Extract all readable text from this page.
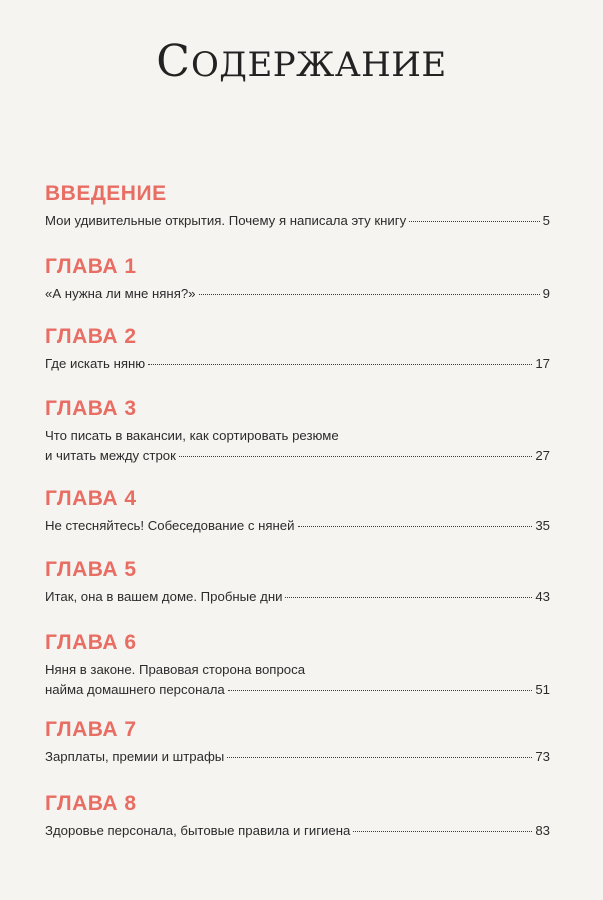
СОДЕРЖАНИЕ
ВВЕДЕНИЕ
Мои удивительные открытия. Почему я написала эту книгу	5
ГЛАВА 1
«А нужна ли мне няня?»	9
ГЛАВА 2
Где искать няню	17
ГЛАВА 3
Что писать в вакансии, как сортировать резюме
и читать между строк	27
ГЛАВА 4
Не стесняйтесь! Собеседование с няней	35
ГЛАВА 5
Итак, она в вашем доме. Пробные дни	43
ГЛАВА 6
Няня в законе. Правовая сторона вопроса
найма домашнего персонала	51
ГЛАВА 7
Зарплаты, премии и штрафы	73
ГЛАВА 8
Здоровье персонала, бытовые правила и гигиена	83
